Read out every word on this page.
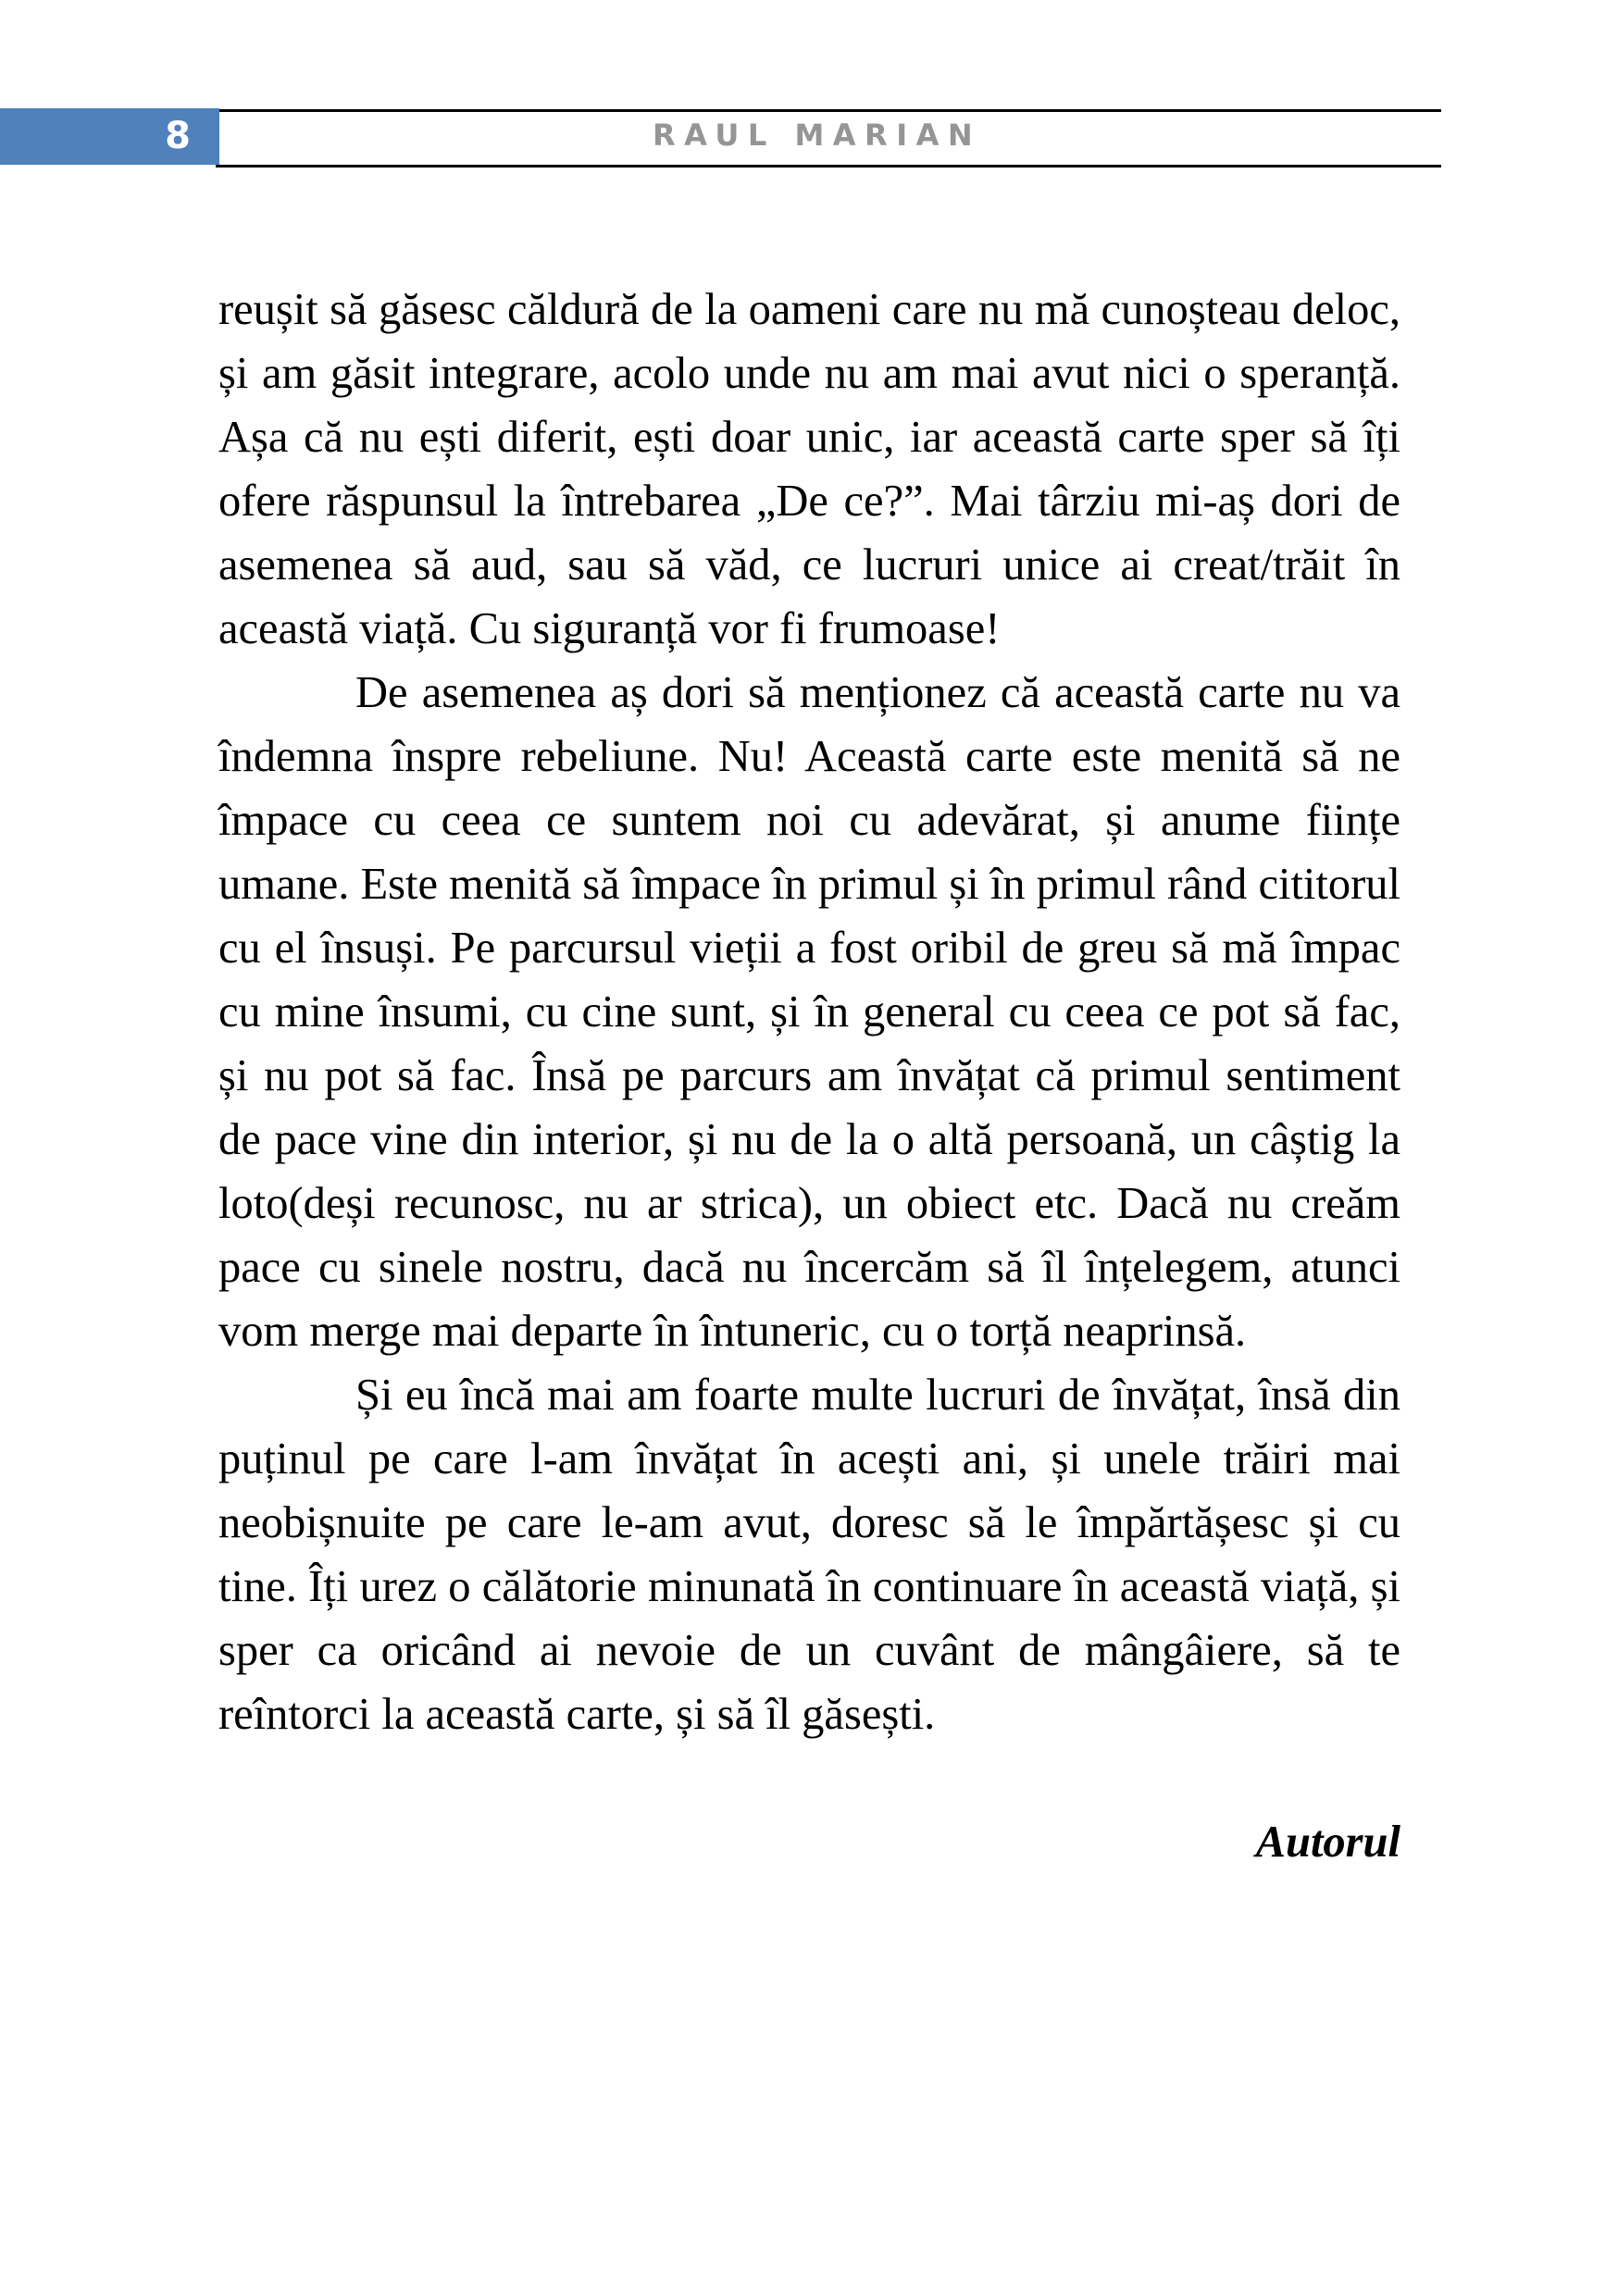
8	RAUL MARIAN

reușit să găsesc căldură de la oameni care nu mă cunoșteau deloc, și am găsit integrare, acolo unde nu am mai avut nici o speranță. Așa că nu ești diferit, ești doar unic, iar această carte sper să îți ofere răspunsul la întrebarea „De ce?”. Mai târziu mi-aș dori de asemenea să aud, sau să văd, ce lucruri unice ai creat/trăit în această viață. Cu siguranță vor fi frumoase!

De asemenea aș dori să menționez că această carte nu va îndemna înspre rebeliune. Nu! Această carte este menită să ne împace cu ceea ce suntem noi cu adevărat, și anume ființe umane. Este menită să împace în primul și în primul rând cititorul cu el însuși. Pe parcursul vieții a fost oribil de greu să mă împac cu mine însumi, cu cine sunt, și în general cu ceea ce pot să fac, și nu pot să fac. Însă pe parcurs am învățat că primul sentiment de pace vine din interior, și nu de la o altă persoană, un câștig la loto(deși recunosc, nu ar strica), un obiect etc. Dacă nu creăm pace cu sinele nostru, dacă nu încercăm să îl înțelegem, atunci vom merge mai departe în întuneric, cu o torță neaprinsă.

Și eu încă mai am foarte multe lucruri de învățat, însă din puținul pe care l-am învățat în acești ani, și unele trăiri mai neobișnuite pe care le-am avut, doresc să le împărtășesc și cu tine. Îți urez o călătorie minunată în continuare în această viață, și sper ca oricând ai nevoie de un cuvânt de mângâiere, să te reîntorci la această carte, și să îl găsești.

Autorul
